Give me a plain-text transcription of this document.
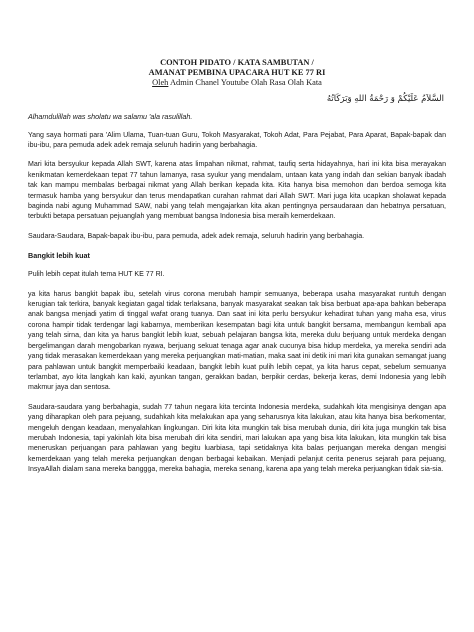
CONTOH PIDATO / KATA SAMBUTAN /
AMANAT PEMBINA UPACARA HUT KE 77 RI
Oleh Admin Chanel Youtube Olah Rasa Olah Kata
السَّلاَمُ عَلَيْكُمْ وَ رَحْمَةُ اللهِ وَبَرَكَاتُهُ
Alhamdulillah was sholatu wa salamu 'ala rasulillah.

Yang saya hormati para 'Alim Ulama, Tuan-tuan Guru, Tokoh Masyarakat, Tokoh Adat, Para Pejabat, Para Aparat, Bapak-bapak dan ibu-ibu, para pemuda adek adek remaja seluruh hadirin yang berbahagia.

Mari kita bersyukur kepada Allah SWT, karena atas limpahan nikmat, rahmat, taufiq serta hidayahnya, hari ini kita bisa merayakan kenikmatan kemerdekaan tepat 77 tahun lamanya, rasa syukur yang mendalam, untaan kata yang indah dan sekian banyak ibadah tak kan mampu membalas berbagai nikmat yang Allah berikan kepada kita. Kita hanya bisa memohon dan berdoa semoga kita termasuk hamba yang bersyukur dan terus mendapatkan curahan rahmat dari Allah SWT. Mari juga kita ucapkan sholawat kepada baginda nabi agung Muhammad SAW, nabi yang telah mengajarkan kita akan pentingnya persaudaraan dan hebatnya persatuan, terbukti betapa persatuan pejuanglah yang membuat bangsa Indonesia bisa meraih kemerdekaan.

Saudara-Saudara, Bapak-bapak ibu-ibu, para pemuda, adek adek remaja, seluruh hadirin yang berbahagia.

Bangkit lebih kuat

Pulih lebih cepat itulah tema HUT KE 77 RI.

ya kita harus bangkit bapak ibu, setelah virus corona merubah hampir semuanya, beberapa usaha masyarakat runtuh dengan kerugian tak terkira, banyak kegiatan gagal tidak terlaksana, banyak masyarakat seakan tak bisa berbuat apa-apa bahkan beberapa anak bangsa menjadi yatim di tinggal wafat orang tuanya. Dan saat ini kita perlu bersyukur kehadirat tuhan yang maha esa, virus corona hampir tidak terdengar lagi kabarnya, memberikan kesempatan bagi kita untuk bangkit bersama, membangun kembali apa yang telah sirna, dan kita ya harus bangkit lebih kuat, sebuah pelajaran bangsa kita, mereka dulu berjuang untuk merdeka dengan bergelimangan darah mengobarkan nyawa, berjuang sekuat tenaga agar anak cucunya bisa hidup merdeka, ya mereka sendiri ada yang tidak merasakan kemerdekaan yang mereka perjuangkan mati-matian, maka saat ini detik ini mari kita gunakan semangat juang para pahlawan untuk bangkit memperbaiki keadaan, bangkit lebih kuat pulih lebih cepat, ya kita harus cepat, sebelum semuanya terlambat, ayo kita langkah kan kaki, ayunkan tangan, gerakkan badan, berpikir cerdas, bekerja keras, demi Indonesia yang lebih makmur jaya dan sentosa.

Saudara-saudara yang berbahagia, sudah 77 tahun negara kita tercinta Indonesia merdeka, sudahkah kita mengisinya dengan apa yang diharapkan oleh para pejuang, sudahkah kita melakukan apa yang seharusnya kita lakukan, atau kita hanya bisa berkomentar, mengeluh dengan keadaan, menyalahkan lingkungan. Diri kita kita mungkin tak bisa merubah dunia, diri kita juga mungkin tak bisa merubah Indonesia, tapi yakinlah kita bisa merubah diri kita sendiri, mari lakukan apa yang bisa kita lakukan, kita mungkin tak bisa meneruskan perjuangan para pahlawan yang begitu luarbiasa, tapi setidaknya kita balas perjuangan mereka dengan mengisi kemerdekaan yang telah mereka perjuangkan dengan berbagai kebaikan. Menjadi pelanjut cerita penerus sejarah para pejuang, InsyaAllah dialam sana mereka banggga, mereka bahagia, mereka senang, karena apa yang telah mereka perjuangkan tidak sia-sia.
